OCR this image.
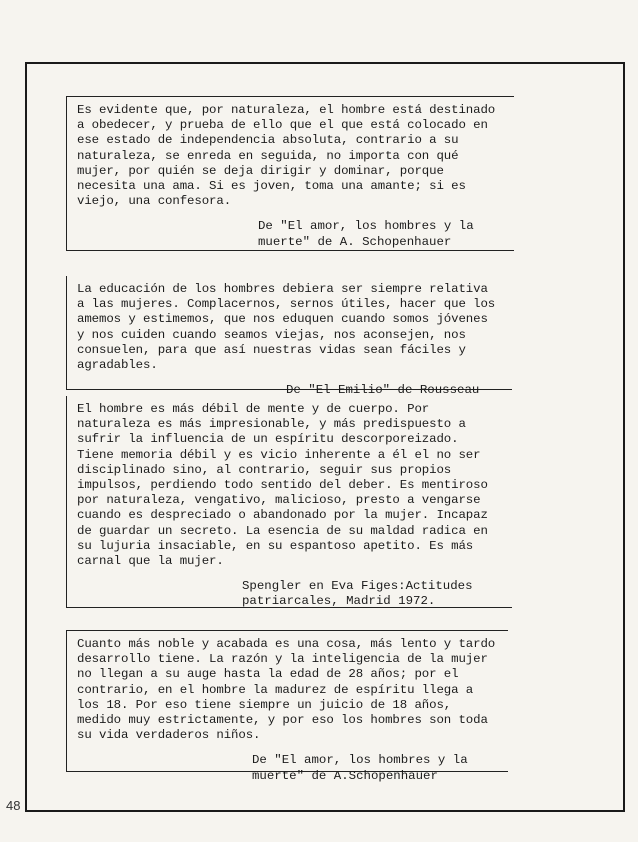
Es evidente que, por naturaleza, el hombre está destinado a obedecer, y prueba de ello que el que está colocado en ese estado de independencia absoluta, contrario a su naturaleza, se enreda en seguida, no importa con qué mujer, por quién se deja dirigir y dominar, porque necesita una ama. Si es joven, toma una amante; si es viejo, una confesora.

De "El amor, los hombres y la
muerte" de A. Schopenhauer

La educación de los hombres debiera ser siempre relativa a las mujeres. Complacernos, sernos útiles, hacer que los amemos y estimemos, que nos eduquen cuando somos jóvenes y nos cuiden cuando seamos viejas, nos aconsejen, nos consuelen, para que así nuestras vidas sean fáciles y agradables.

De "El Emilio" de Rousseau

El hombre es más débil de mente y de cuerpo. Por naturaleza es más impresionable, y más predispuesto a sufrir la influencia de un espíritu descorporeizado. Tiene memoria débil y es vicio inherente a él el no ser disciplinado sino, al contrario, seguir sus propios impulsos, perdiendo todo sentido del deber. Es mentiroso por naturaleza, vengativo, malicioso, presto a vengarse cuando es despreciado o abandonado por la mujer. Incapaz de guardar un secreto. La esencia de su maldad radica en su lujuria insaciable, en su espantoso apetito. Es más carnal que la mujer.

Spengler en Eva Figes:Actitudes
patriarcales, Madrid 1972.

Cuanto más noble y acabada es una cosa, más lento y tardo desarrollo tiene. La razón y la inteligencia de la mujer no llegan a su auge hasta la edad de 28 años; por el contrario, en el hombre la madurez de espíritu llega a los 18. Por eso tiene siempre un juicio de 18 años, medido muy estrictamente, y por eso los hombres son toda su vida verdaderos niños.

De "El amor, los hombres y la
muerte" de A.Schopenhauer
48
